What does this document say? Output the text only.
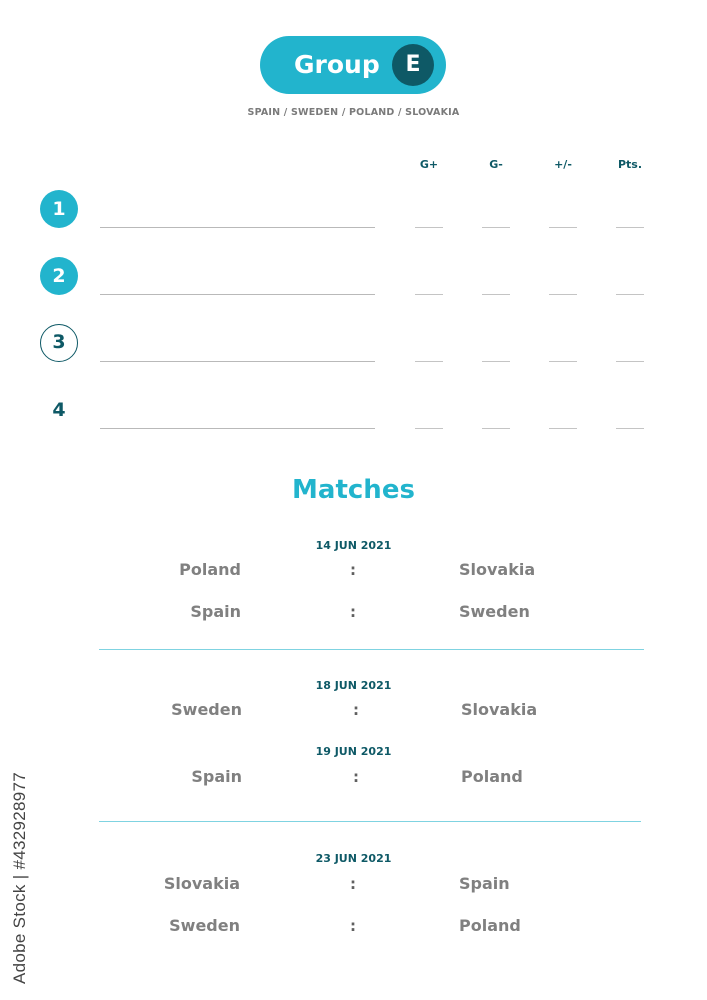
Group	E
SPAIN / SWEDEN / POLAND / SLOVAKIA
G+	G-	+/-	Pts.
1
2
3
4
Matches
14 JUN 2021
Poland	:	Slovakia
Spain	:	Sweden
18 JUN 2021
Sweden	:	Slovakia
19 JUN 2021
Spain	:	Poland
23 JUN 2021
Slovakia	:	Spain
Sweden	:	Poland
Adobe Stock | #432928977
